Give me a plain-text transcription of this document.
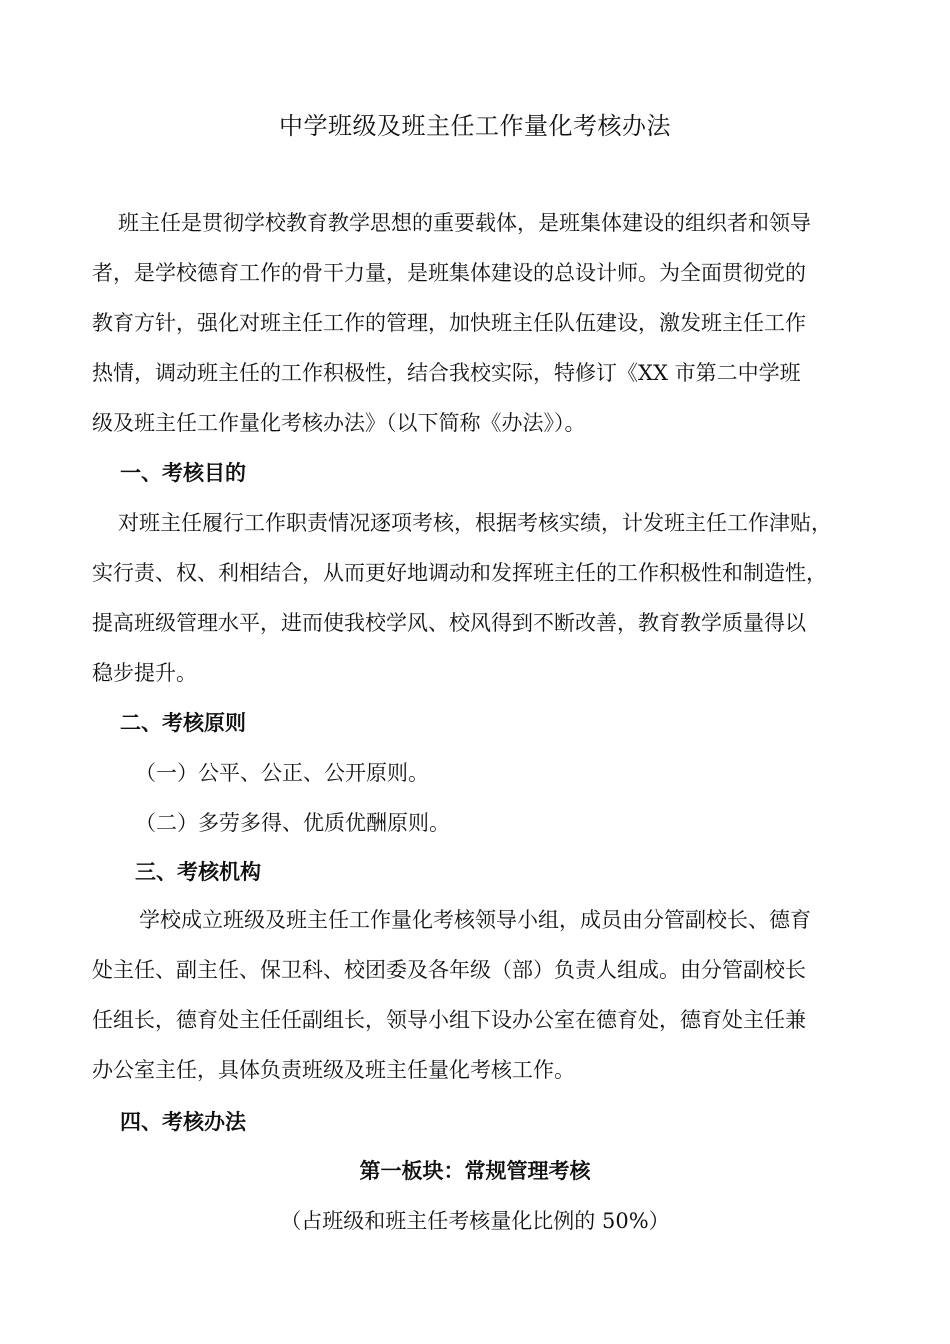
中学班级及班主任工作量化考核办法
班主任是贯彻学校教育教学思想的重要载体，是班集体建设的组织者和领导
者，是学校德育工作的骨干力量，是班集体建设的总设计师。为全面贯彻党的
教育方针，强化对班主任工作的管理，加快班主任队伍建设，激发班主任工作
热情，调动班主任的工作积极性，结合我校实际，特修订《XX 市第二中学班
级及班主任工作量化考核办法》（以下简称《办法》）。
一、考核目的
对班主任履行工作职责情况逐项考核，根据考核实绩，计发班主任工作津贴，
实行责、权、利相结合，从而更好地调动和发挥班主任的工作积极性和制造性，
提高班级管理水平，进而使我校学风、校风得到不断改善，教育教学质量得以
稳步提升。
二、考核原则
（一）公平、公正、公开原则。
（二）多劳多得、优质优酬原则。
三、考核机构
学校成立班级及班主任工作量化考核领导小组，成员由分管副校长、德育
处主任、副主任、保卫科、校团委及各年级（部）负责人组成。由分管副校长
任组长，德育处主任任副组长，领导小组下设办公室在德育处，德育处主任兼
办公室主任，具体负责班级及班主任量化考核工作。
四、考核办法
第一板块：常规管理考核
（占班级和班主任考核量化比例的 50%）
